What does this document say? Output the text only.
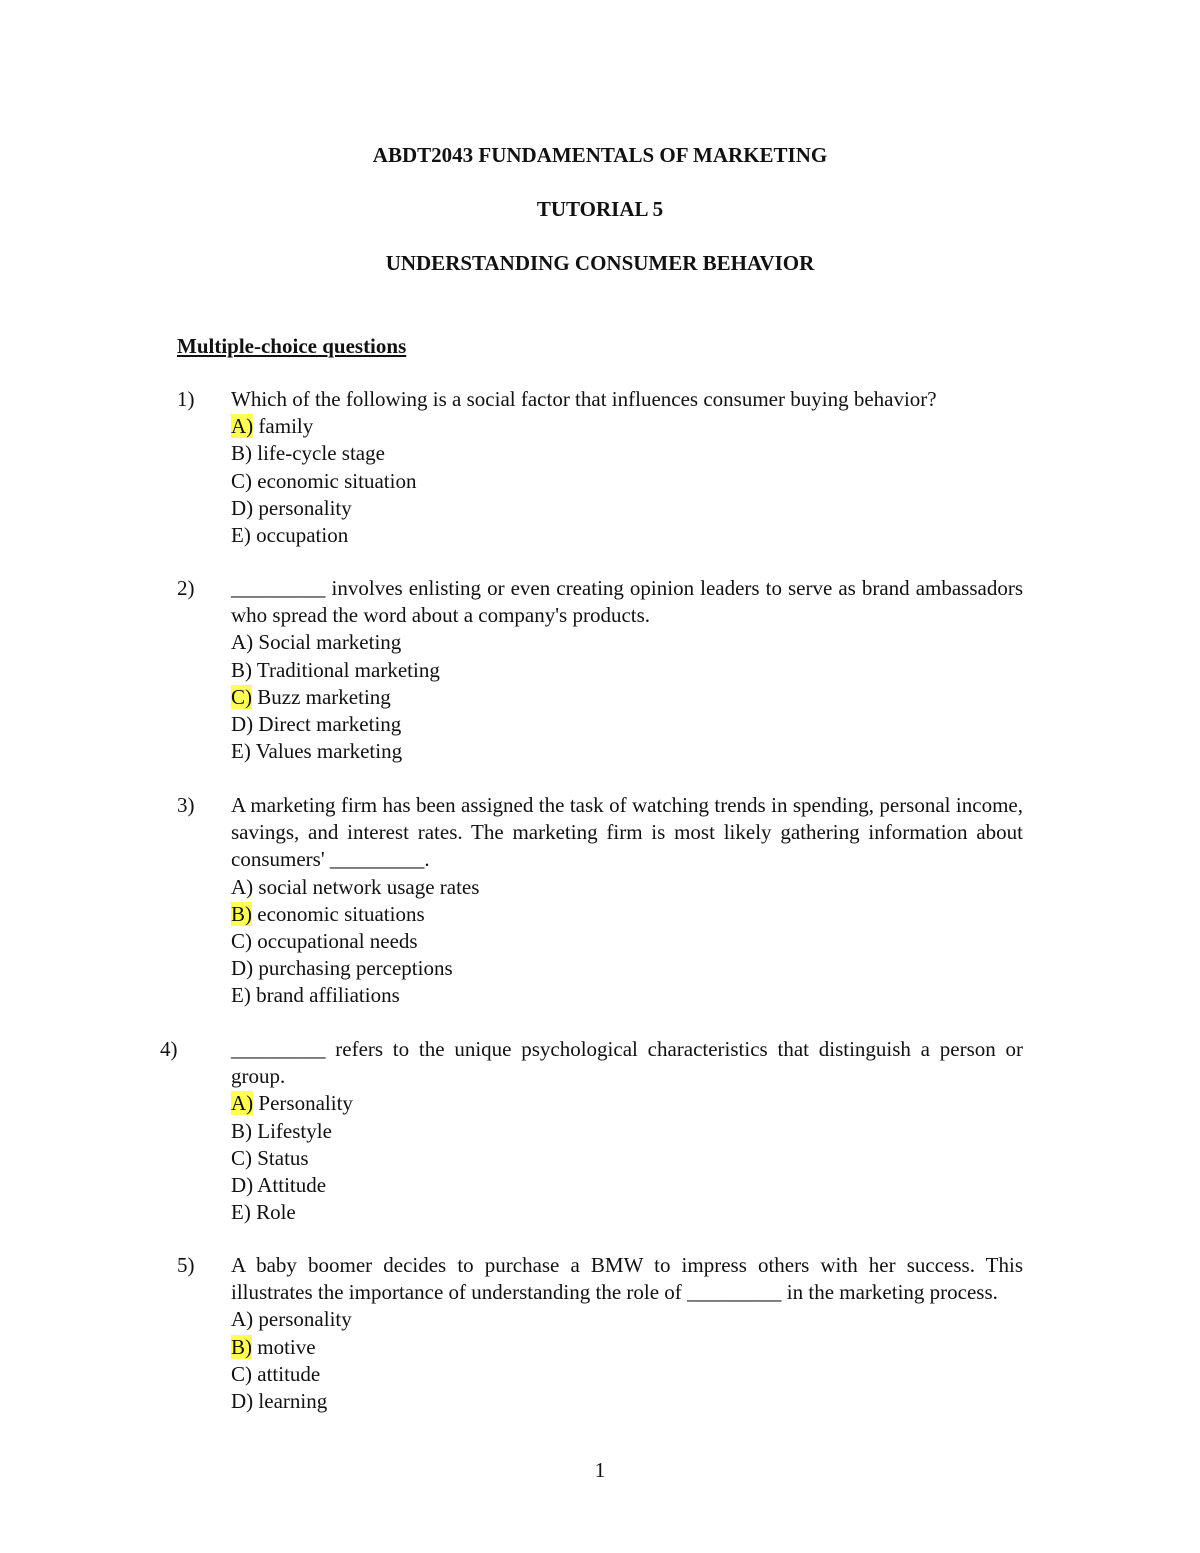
ABDT2043 FUNDAMENTALS OF MARKETING
TUTORIAL 5
UNDERSTANDING CONSUMER BEHAVIOR
Multiple-choice questions
1) Which of the following is a social factor that influences consumer buying behavior?
A) family
B) life-cycle stage
C) economic situation
D) personality
E) occupation
2) _________ involves enlisting or even creating opinion leaders to serve as brand ambassadors who spread the word about a company's products.
A) Social marketing
B) Traditional marketing
C) Buzz marketing
D) Direct marketing
E) Values marketing
3) A marketing firm has been assigned the task of watching trends in spending, personal income, savings, and interest rates. The marketing firm is most likely gathering information about consumers' _________.
A) social network usage rates
B) economic situations
C) occupational needs
D) purchasing perceptions
E) brand affiliations
4)	_________ refers to the unique psychological characteristics that distinguish a person or group.
A) Personality
B) Lifestyle
C) Status
D) Attitude
E) Role
5) A baby boomer decides to purchase a BMW to impress others with her success. This illustrates the importance of understanding the role of _________ in the marketing process.
A) personality
B) motive
C) attitude
D) learning
1
